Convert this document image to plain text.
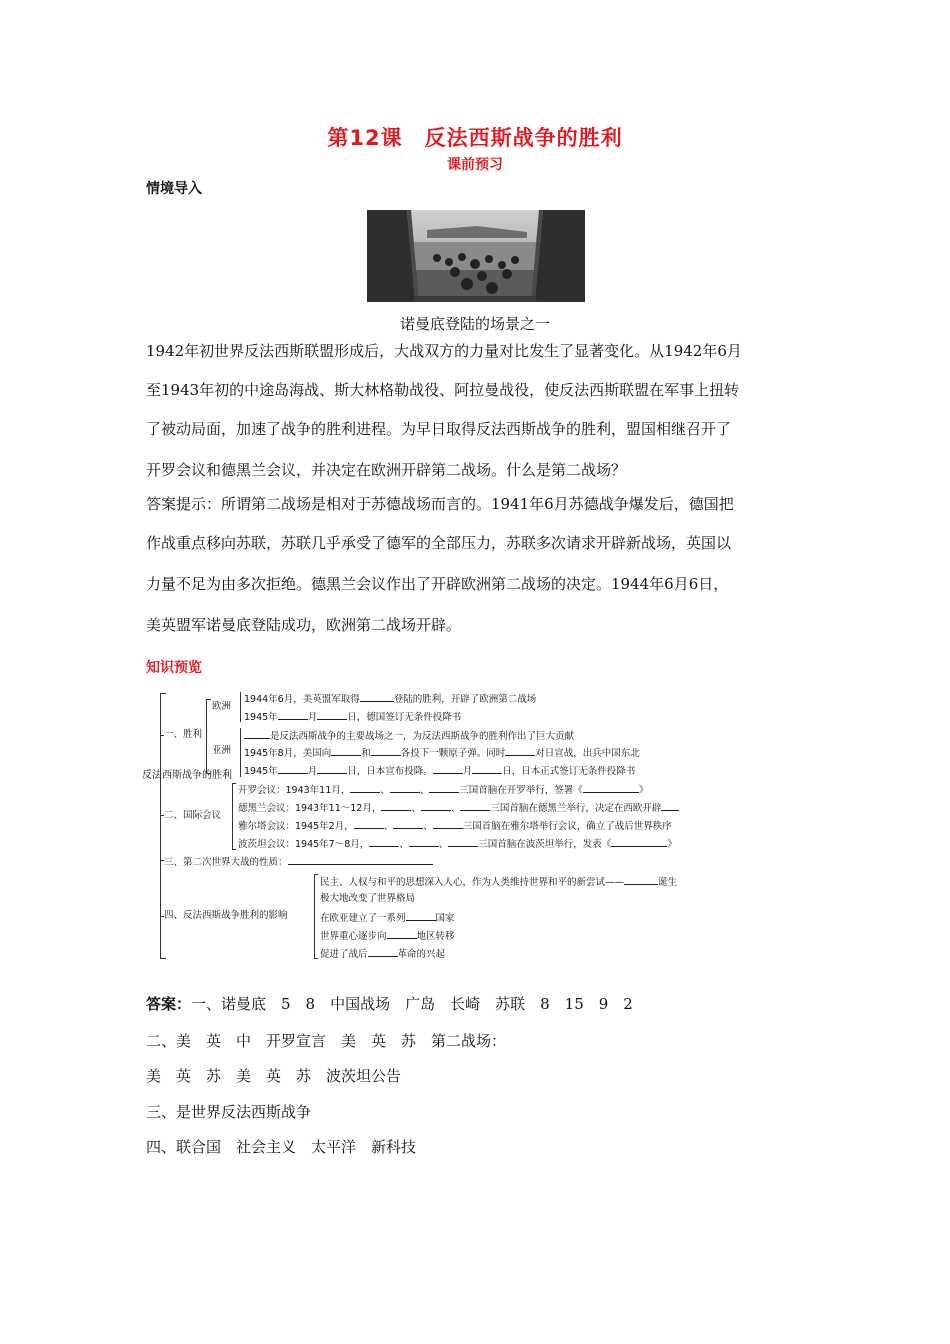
第12课　反法西斯战争的胜利
课前预习
情境导入
诺曼底登陆的场景之一
1942年初世界反法西斯联盟形成后，大战双方的力量对比发生了显著变化。从1942年6月
至1943年初的中途岛海战、斯大林格勒战役、阿拉曼战役，使反法西斯联盟在军事上扭转
了被动局面，加速了战争的胜利进程。为早日取得反法西斯战争的胜利，盟国相继召开了
开罗会议和德黑兰会议，并决定在欧洲开辟第二战场。什么是第二战场？
答案提示：所谓第二战场是相对于苏德战场而言的。1941年6月苏德战争爆发后，德国把
作战重点移向苏联，苏联几乎承受了德军的全部压力，苏联多次请求开辟新战场，英国以
力量不足为由多次拒绝。德黑兰会议作出了开辟欧洲第二战场的决定。1944年6月6日，
美英盟军诺曼底登陆成功，欧洲第二战场开辟。
知识预览
反法西斯战争的胜利
一、胜利
欧洲
亚洲
1944年6月，美英盟军取得	登陆的胜利，开辟了欧洲第二战场
1945年	月	日，德国签订无条件投降书
是反法西斯战争的主要战场之一，为反法西斯战争的胜利作出了巨大贡献
1945年8月，美国向	和	各投下一颗原子弹。同时	对日宣战，出兵中国东北
1945年	月	日，日本宣布投降。	月	日，日本正式签订无条件投降书
二、国际会议
开罗会议：1943年11月，	、	、	三国首脑在开罗举行，签署《	》
德黑兰会议：1943年11～12月，	、	、	三国首脑在德黑兰举行，决定在西欧开辟
雅尔塔会议：1945年2月，	、	、	三国首脑在雅尔塔举行会议，确立了战后世界秩序
波茨坦会议：1945年7～8月，	、	、	三国首脑在波茨坦举行，发表《	》
三、第二次世界大战的性质：
四、反法西斯战争胜利的影响
民主、人权与和平的思想深入人心，作为人类维持世界和平的新尝试——	诞生
极大地改变了世界格局
在欧亚建立了一系列	国家
世界重心逐步向	地区转移
促进了战后	革命的兴起
答案：一、诺曼底　5　8　中国战场　广岛　长崎　苏联　8　15　9　2
二、美　英　中　开罗宣言　美　英　苏　第二战场：
美　英　苏　美　英　苏　波茨坦公告
三、是世界反法西斯战争
四、联合国　社会主义　太平洋　新科技
